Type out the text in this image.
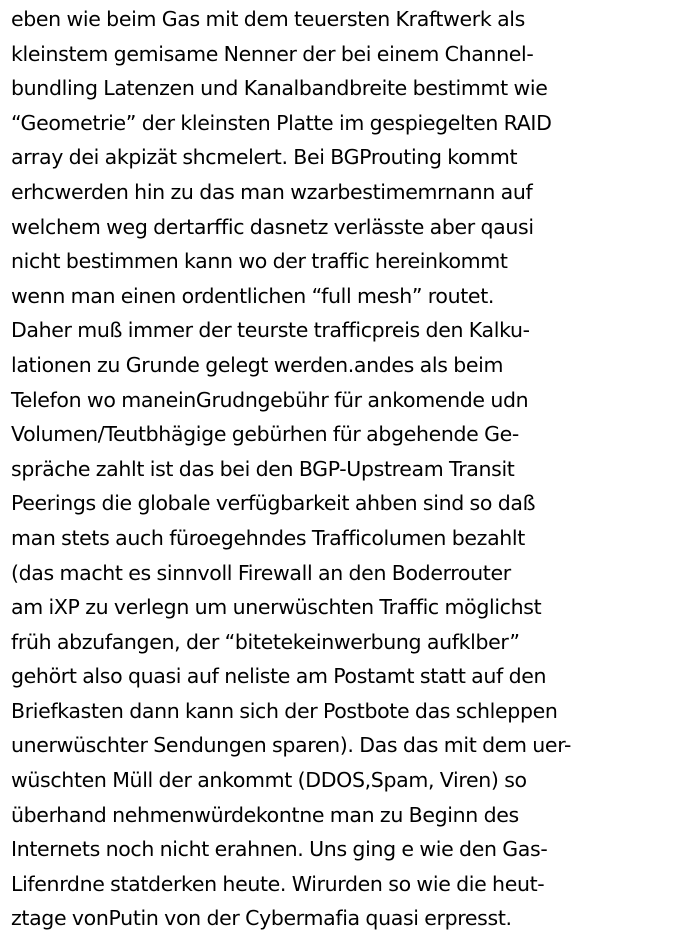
eben wie beim Gas mit dem teuersten Kraftwerk als
kleinstem gemisame Nenner der bei einem Channel-
bundling Latenzen und Kanalbandbreite bestimmt wie
“Geometrie” der kleinsten Platte im gespiegelten RAID
array dei akpizät shcmelert. Bei BGProuting kommt
erhcwerden hin zu das man wzarbestimemrnann auf
welchem weg dertarffic dasnetz verlässte aber qausi
nicht bestimmen kann wo der traffic hereinkommt
wenn man einen ordentlichen “full mesh” routet.
Daher muß immer der teurste trafficpreis den Kalku-
lationen zu Grunde gelegt werden.andes als beim
Telefon wo maneinGrudngebühr für ankomende udn
Volumen/Teutbhägige gebürhen für abgehende Ge-
spräche zahlt ist das bei den BGP-Upstream Transit
Peerings die globale verfügbarkeit ahben sind so daß
man stets auch füroegehndes Trafficolumen bezahlt
(das macht es sinnvoll Firewall an den Boderrouter
am iXP zu verlegn um unerwüschten Traffic möglichst
früh abzufangen, der “bitetekeinwerbung aufklber”
gehört also quasi auf neliste am Postamt statt auf den
Briefkasten dann kann sich der Postbote das schleppen
unerwüschter Sendungen sparen). Das das mit dem uer-
wüschten Müll der ankommt (DDOS,Spam, Viren) so
überhand nehmenwürdekontne man zu Beginn des
Internets noch nicht erahnen. Uns ging e wie den Gas-
Lifenrdne statderken heute. Wirurden so wie die heut-
ztage vonPutin von der Cybermafia quasi erpresst.
